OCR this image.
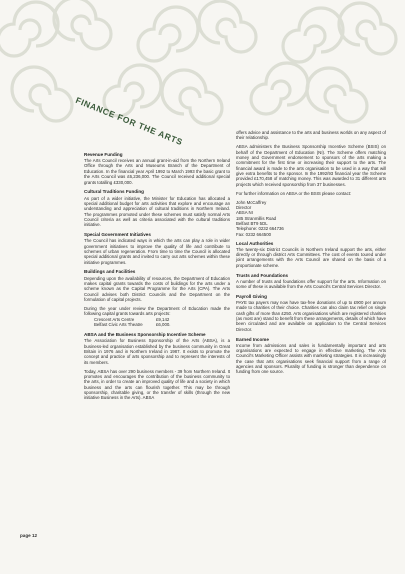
FINANCE FOR THE ARTS
Revenue Funding

The Arts Council receives an annual grant-in-aid from the Northern Ireland Office through the Arts and Museums Branch of the Department of Education. In the financial year April 1992 to March 1993 the basic grant to the Arts Council was £6,236,000. The Council received additional special grants totalling £330,000.

Cultural Traditions Funding

As part of a wider initiative, the Minister for Education has allocated a special additional budget for arts activities that explore and encourage an understanding and appreciation of cultural traditions in Northern Ireland. The programmes promoted under these schemes must satisfy normal Arts Council criteria as well as criteria associated with the cultural traditions initiative.

Special Government Initiatives

The Council has indicated ways in which the arts can play a role in wider government initiatives to improve the quality of life and contribute to schemes of urban regeneration. From time to time the Council is allocated special additional grants and invited to carry out arts schemes within these initiative programmes.

Buildings and Facilities

Depending upon the availability of resources, the Department of Education makes capital grants towards the costs of buildings for the arts under a scheme known as the Capital Programme for the Arts (CPA). The Arts Council advises both District Councils and the Department on the formulation of capital projects.

During the year under review the Department of Education made the following capital grants towards arts projects:

Crescent Arts Centre	£9,142
Belfast Civic Arts Theatre	£6,000.
ABSA and the Business Sponsorship Incentive Scheme

The Association for Business Sponsorship of the Arts (ABSA), is a business-led organisation established by the business community in Great Britain in 1976 and in Northern Ireland in 1987. It exists to promote the concept and practice of arts sponsorship and to represent the interests of its members.

Today, ABSA has over 290 business members - 39 from Northern Ireland. It promotes and encourages the contribution of the business community to the arts, in order to create an improved quality of life and a society in which business and the arts can flourish together. This may be through sponsorship, charitable giving, or the transfer of skills (through the new initiative Business in the Arts). ABSA

offers advice and assistance to the arts and business worlds on any aspect of their relationship.

ABSA administers the Business Sponsorship Incentive Scheme (BSIS) on behalf of the Department of Education (NI). The Scheme offers matching money and Government endorsement to sponsors of the arts making a commitment for the first time or increasing their support to the arts. The financial award is made to the arts organisation to be used in a way that will give extra benefits to the sponsor. In the 1992/93 financial year the Scheme provided £170,458 of matching money. This was awarded to 31 different arts projects which received sponsorship from 37 businesses.

For further information on ABSA or the BSIS please contact:

John McCaffrey
Director
ABSA NI
185 Stranmillis Road
Belfast BT9 5DL
Telephone: 0232 664736
Fax: 0232 664500
Local Authorities

The twenty-six District Councils in Northern Ireland support the arts, either directly or through district Arts Committees. The cost of events toured under joint arrangements with the Arts Council are shared on the basis of a proportionate scheme.

Trusts and Foundations

A number of trusts and foundations offer support for the arts. Information on some of these is available from the Arts Council's Central Services Director.

Payroll Giving

PAYE tax payers may now have tax-free donations of up to £900 per annum made to charities of their choice. Charities can also claim tax relief on single cash gifts of more than £250. Arts organisations which are registered charities (as most are) stand to benefit from these arrangements, details of which have been circulated and are available on application to the Central Services Director.

Earned Income

Income from admissions and sales is fundamentally important and arts organisations are expected to engage in effective marketing. The Arts Council's Marketing Officer assists with marketing strategies. It is increasingly the case that arts organisations seek financial support from a range of agencies and sponsors. Plurality of funding is stronger than dependence on funding from one source.

page 12
